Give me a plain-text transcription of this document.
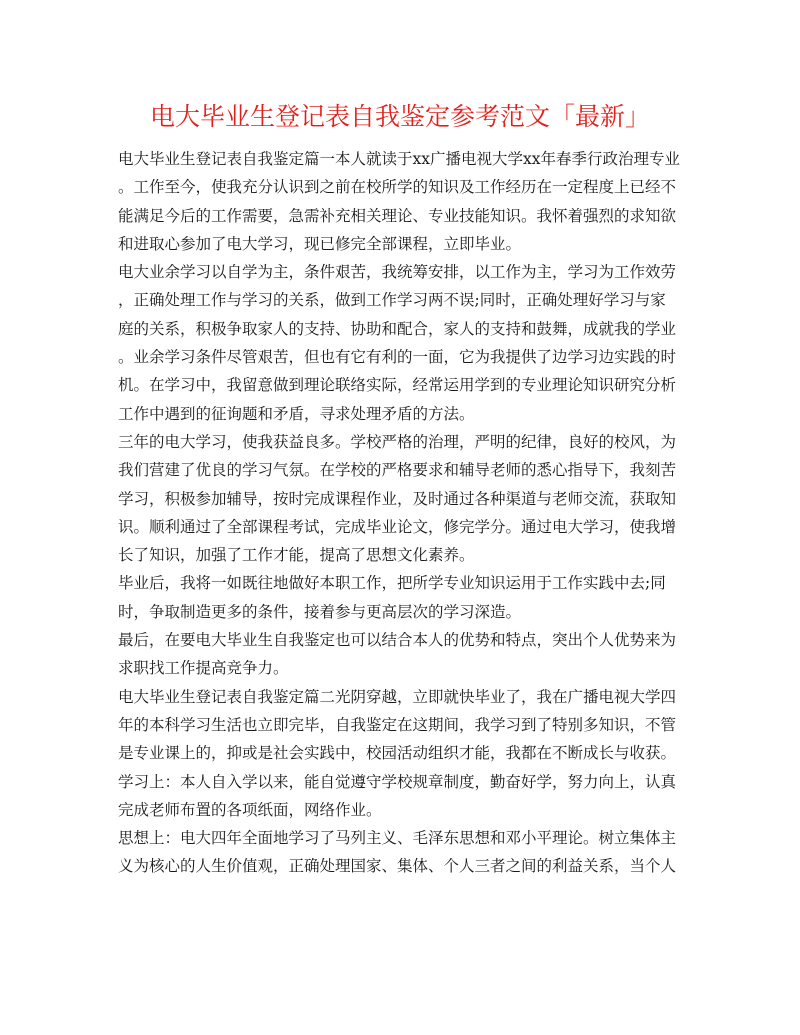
电大毕业生登记表自我鉴定参考范文「最新」
电大毕业生登记表自我鉴定篇一本人就读于xx广播电视大学xx年春季行政治理专业
。工作至今，使我充分认识到之前在校所学的知识及工作经历在一定程度上已经不
能满足今后的工作需要，急需补充相关理论、专业技能知识。我怀着强烈的求知欲
和进取心参加了电大学习，现已修完全部课程，立即毕业。
电大业余学习以自学为主，条件艰苦，我统筹安排，以工作为主，学习为工作效劳
，正确处理工作与学习的关系，做到工作学习两不误;同时，正确处理好学习与家
庭的关系，积极争取家人的支持、协助和配合，家人的支持和鼓舞，成就我的学业
。业余学习条件尽管艰苦，但也有它有利的一面，它为我提供了边学习边实践的时
机。在学习中，我留意做到理论联络实际，经常运用学到的专业理论知识研究分析
工作中遇到的征询题和矛盾，寻求处理矛盾的方法。
三年的电大学习，使我获益良多。学校严格的治理，严明的纪律，良好的校风，为
我们营建了优良的学习气氛。在学校的严格要求和辅导老师的悉心指导下，我刻苦
学习，积极参加辅导，按时完成课程作业，及时通过各种渠道与老师交流，获取知
识。顺利通过了全部课程考试，完成毕业论文，修完学分。通过电大学习，使我增
长了知识，加强了工作才能，提高了思想文化素养。
毕业后，我将一如既往地做好本职工作，把所学专业知识运用于工作实践中去;同
时，争取制造更多的条件，接着参与更高层次的学习深造。
最后，在要电大毕业生自我鉴定也可以结合本人的优势和特点，突出个人优势来为
求职找工作提高竞争力。
电大毕业生登记表自我鉴定篇二光阴穿越，立即就快毕业了，我在广播电视大学四
年的本科学习生活也立即完毕，自我鉴定在这期间，我学习到了特别多知识，不管
是专业课上的，抑或是社会实践中，校园活动组织才能，我都在不断成长与收获。
学习上：本人自入学以来，能自觉遵守学校规章制度，勤奋好学，努力向上，认真
完成老师布置的各项纸面，网络作业。
思想上：电大四年全面地学习了马列主义、毛泽东思想和邓小平理论。树立集体主
义为核心的人生价值观，正确处理国家、集体、个人三者之间的利益关系，当个人
